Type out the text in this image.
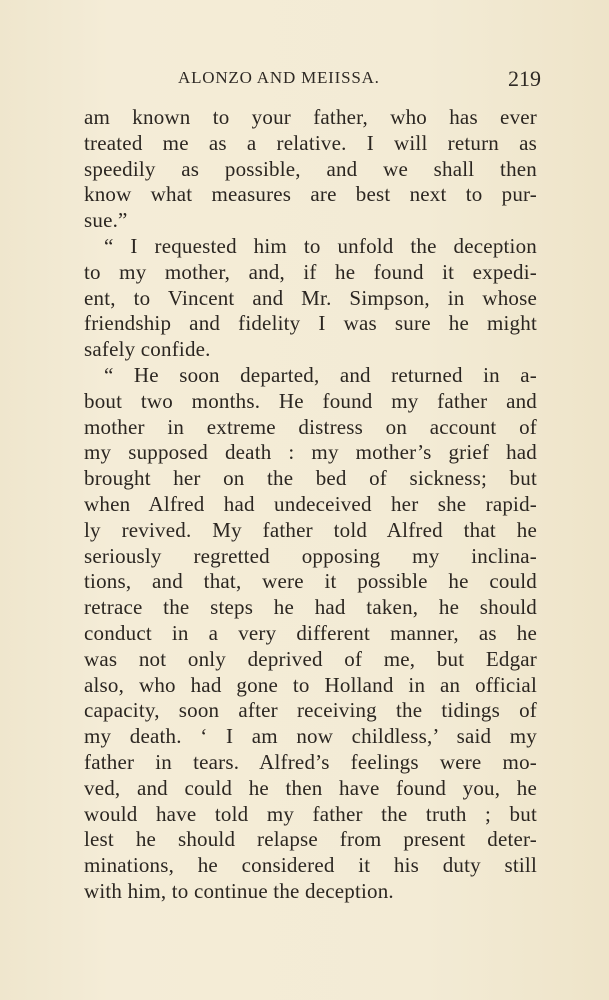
ALONZO AND MEIISSA.	219
am known to your father, who has ever
treated me as a relative. I will return as
speedily as possible, and we shall then
know what measures are best next to pur-
sue.”
“ I requested him to unfold the deception
to my mother, and, if he found it expedi-
ent, to Vincent and Mr. Simpson, in whose
friendship and fidelity I was sure he might
safely confide.
“ He soon departed, and returned in a-
bout two months. He found my father and
mother in extreme distress on account of
my supposed death : my mother’s grief had
brought her on the bed of sickness; but
when Alfred had undeceived her she rapid-
ly revived. My father told Alfred that he
seriously regretted opposing my inclina-
tions, and that, were it possible he could
retrace the steps he had taken, he should
conduct in a very different manner, as he
was not only deprived of me, but Edgar
also, who had gone to Holland in an official
capacity, soon after receiving the tidings of
my death. ‘ I am now childless,’ said my
father in tears. Alfred’s feelings were mo-
ved, and could he then have found you, he
would have told my father the truth ; but
lest he should relapse from present deter-
minations, he considered it his duty still
with him, to continue the deception.
